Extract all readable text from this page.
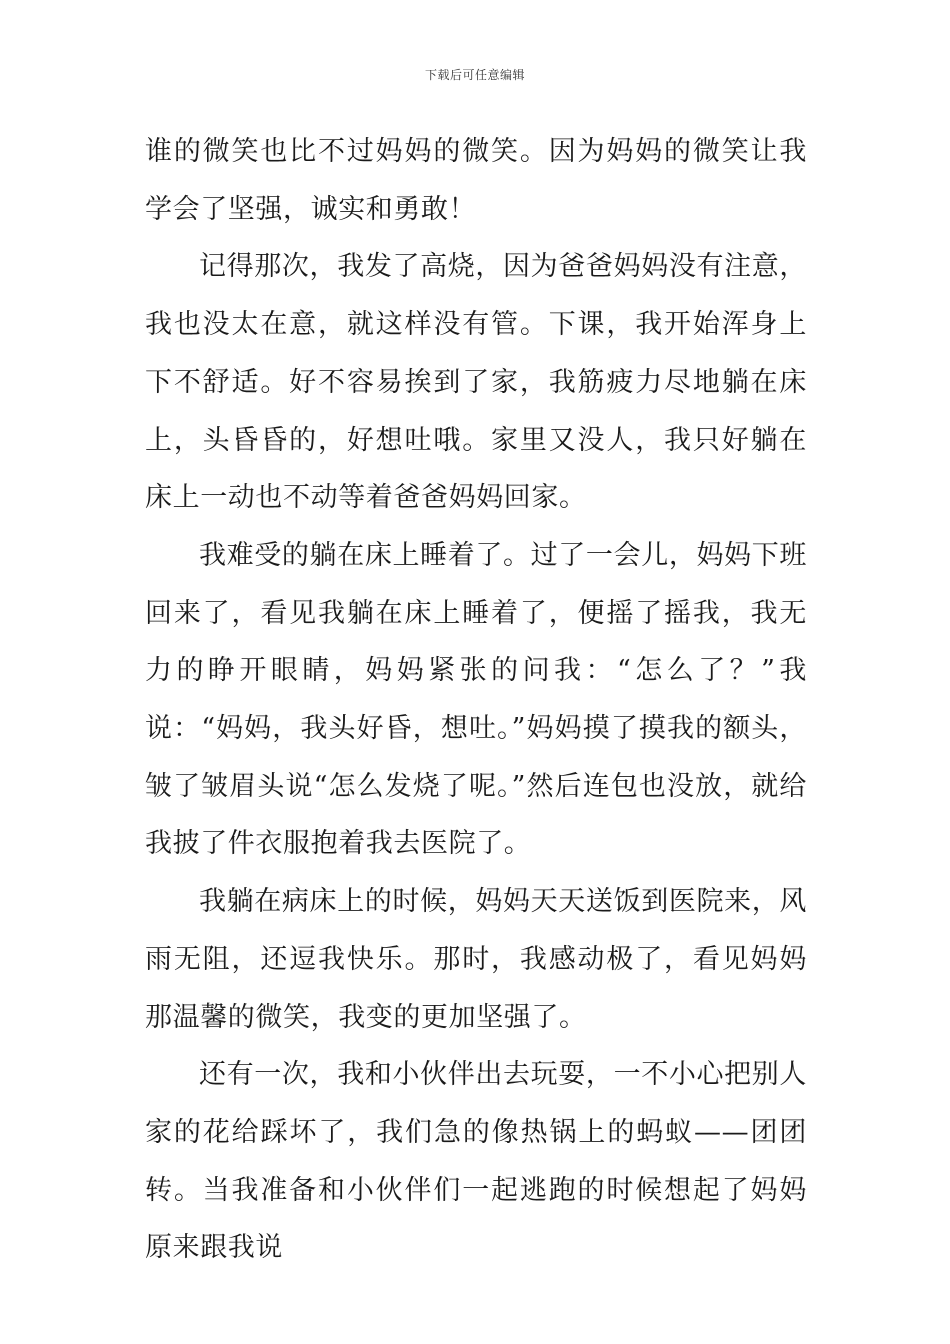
下载后可任意编辑

谁的微笑也比不过妈妈的微笑。因为妈妈的微笑让我学会了坚强，诚实和勇敢！

记得那次，我发了高烧，因为爸爸妈妈没有注意，我也没太在意，就这样没有管。下课，我开始浑身上下不舒适。好不容易挨到了家，我筋疲力尽地躺在床上，头昏昏的，好想吐哦。家里又没人，我只好躺在床上一动也不动等着爸爸妈妈回家。

我难受的躺在床上睡着了。过了一会儿，妈妈下班回来了，看见我躺在床上睡着了，便摇了摇我，我无力的睁开眼睛，妈妈紧张的问我：“怎么了？”我说：“妈妈，我头好昏，想吐。”妈妈摸了摸我的额头，皱了皱眉头说“怎么发烧了呢。”然后连包也没放，就给我披了件衣服抱着我去医院了。

我躺在病床上的时候，妈妈天天送饭到医院来，风雨无阻，还逗我快乐。那时，我感动极了，看见妈妈那温馨的微笑，我变的更加坚强了。

还有一次，我和小伙伴出去玩耍，一不小心把别人家的花给踩坏了，我们急的像热锅上的蚂蚁——团团转。当我准备和小伙伴们一起逃跑的时候想起了妈妈原来跟我说
